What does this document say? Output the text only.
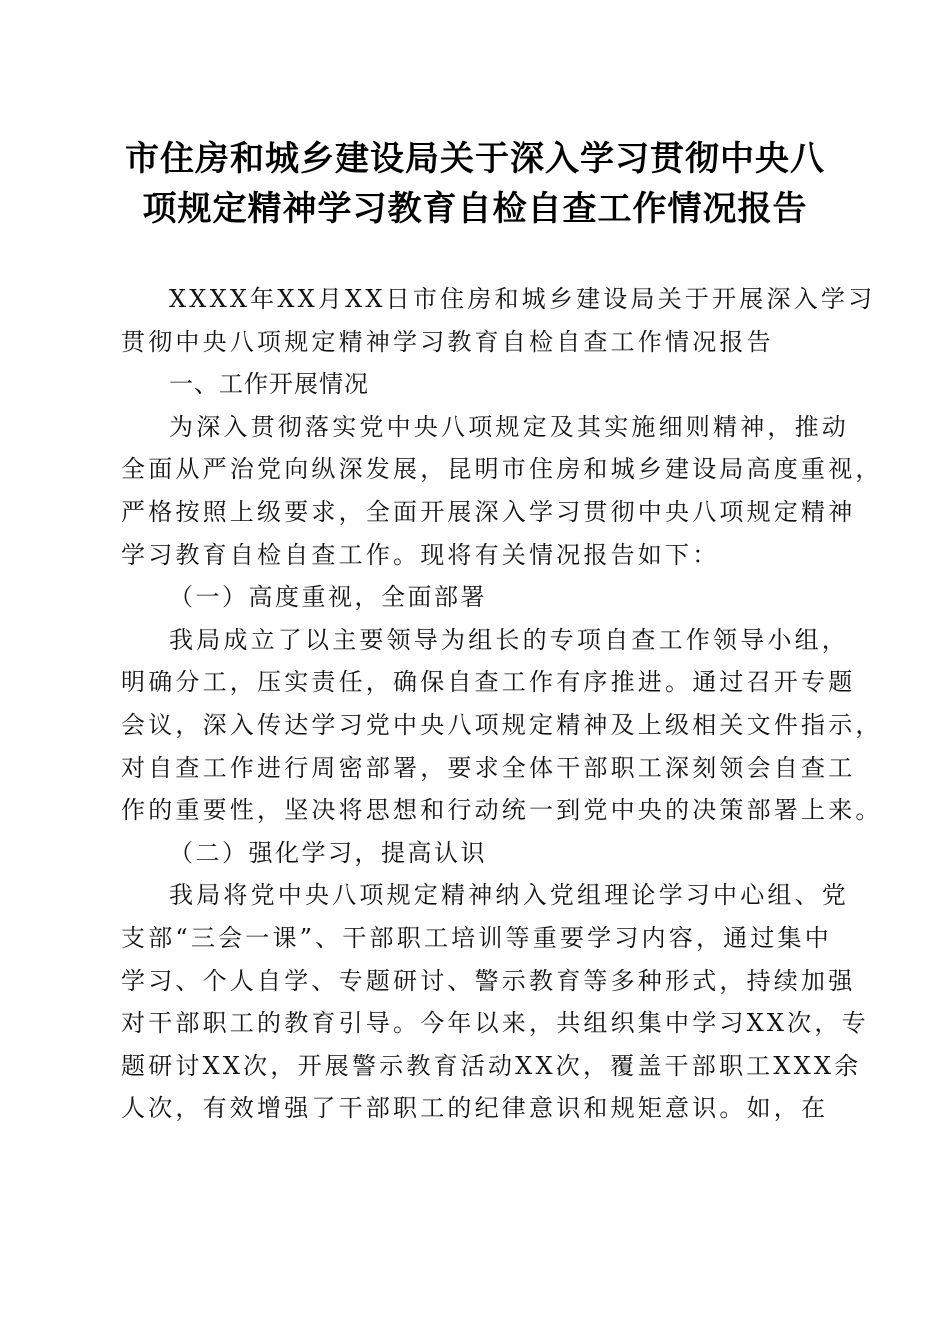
市住房和城乡建设局关于深入学习贯彻中央八
项规定精神学习教育自检自查工作情况报告

XXXX年XX月XX日市住房和城乡建设局关于开展深入学习
贯彻中央八项规定精神学习教育自检自查工作情况报告

一、工作开展情况

为深入贯彻落实党中央八项规定及其实施细则精神，推动
全面从严治党向纵深发展，昆明市住房和城乡建设局高度重视，
严格按照上级要求，全面开展深入学习贯彻中央八项规定精神
学习教育自检自查工作。现将有关情况报告如下：

（一）高度重视，全面部署

我局成立了以主要领导为组长的专项自查工作领导小组，
明确分工，压实责任，确保自查工作有序推进。通过召开专题
会议，深入传达学习党中央八项规定精神及上级相关文件指示，
对自查工作进行周密部署，要求全体干部职工深刻领会自查工
作的重要性，坚决将思想和行动统一到党中央的决策部署上来。

（二）强化学习，提高认识

我局将党中央八项规定精神纳入党组理论学习中心组、党
支部“三会一课”、干部职工培训等重要学习内容，通过集中
学习、个人自学、专题研讨、警示教育等多种形式，持续加强
对干部职工的教育引导。今年以来，共组织集中学习XX次，专
题研讨XX次，开展警示教育活动XX次，覆盖干部职工XXX余
人次，有效增强了干部职工的纪律意识和规矩意识。如，在
